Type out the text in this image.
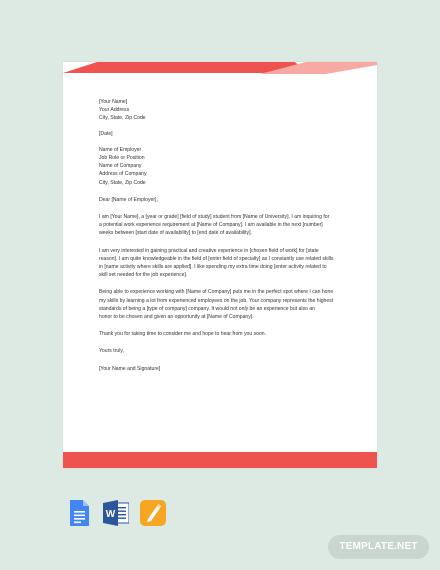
[Your Name]
Your Address
City, State, Zip Code
[Date]
Name of Employer
Job Role or Position
Name of Company
Address of Company
City, State, Zip Code
Dear [Name of Employer],
I am [Your Name], a [year or grade] [field of study] student from [Name of University]. I am inquiring for
a potential work experience requirement at [Name of Company]. I am available in the next [number]
weeks between [start date of availability] to [end date of availability].
I am very interested in gaining practical and creative experience in [chosen field of work] for [state
reason]. I am quite knowledgeable in the field of [enter field of specialty] as I constantly use related skills
in [name activity where skills are applied]. I like spending my extra time doing [enter activity related to
skill set needed for the job experience].
Being able to experience working with [Name of Company] puts me in the perfect spot where I can hone
my skills by learning a lot from experienced employees on the job. Your company represents the highest
standards of being a [type of company] company. It would not only be an experience but also an
honor to be chosen and given an opportunity at [Name of Company].
Thank you for taking time to consider me and hope to hear from you soon.
Yours truly,
[Your Name and Signature]
W
TEMPLATE.NET
